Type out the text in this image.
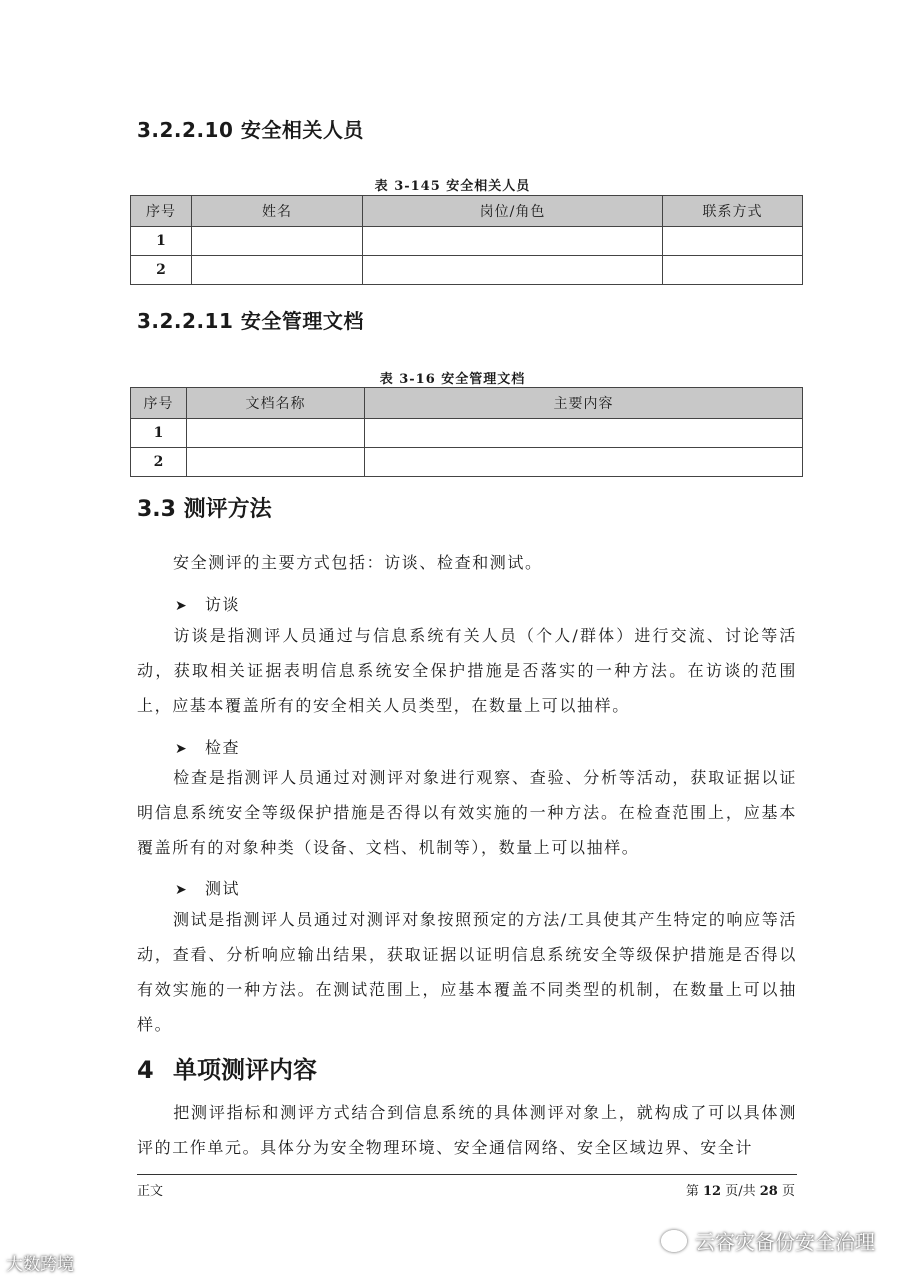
3.2.2.10 安全相关人员
表 3-145 安全相关人员
序号	姓名	岗位/角色	联系方式
1			
2			
3.2.2.11 安全管理文档
表 3-16 安全管理文档
序号	文档名称	主要内容
1		
2		
3.3 测评方法
安全测评的主要方式包括：访谈、检查和测试。
➤ 访谈
访谈是指测评人员通过与信息系统有关人员（个人/群体）进行交流、讨论等活动，获取相关证据表明信息系统安全保护措施是否落实的一种方法。在访谈的范围上，应基本覆盖所有的安全相关人员类型，在数量上可以抽样。
➤ 检查
检查是指测评人员通过对测评对象进行观察、查验、分析等活动，获取证据以证明信息系统安全等级保护措施是否得以有效实施的一种方法。在检查范围上，应基本覆盖所有的对象种类（设备、文档、机制等），数量上可以抽样。
➤ 测试
测试是指测评人员通过对测评对象按照预定的方法/工具使其产生特定的响应等活动，查看、分析响应输出结果，获取证据以证明信息系统安全等级保护措施是否得以有效实施的一种方法。在测试范围上，应基本覆盖不同类型的机制，在数量上可以抽样。
4 单项测评内容
把测评指标和测评方式结合到信息系统的具体测评对象上，就构成了可以具体测评的工作单元。具体分为安全物理环境、安全通信网络、安全区域边界、安全计
正文	第 12 页/共 28 页
云容灾备份安全治理
大数跨境
